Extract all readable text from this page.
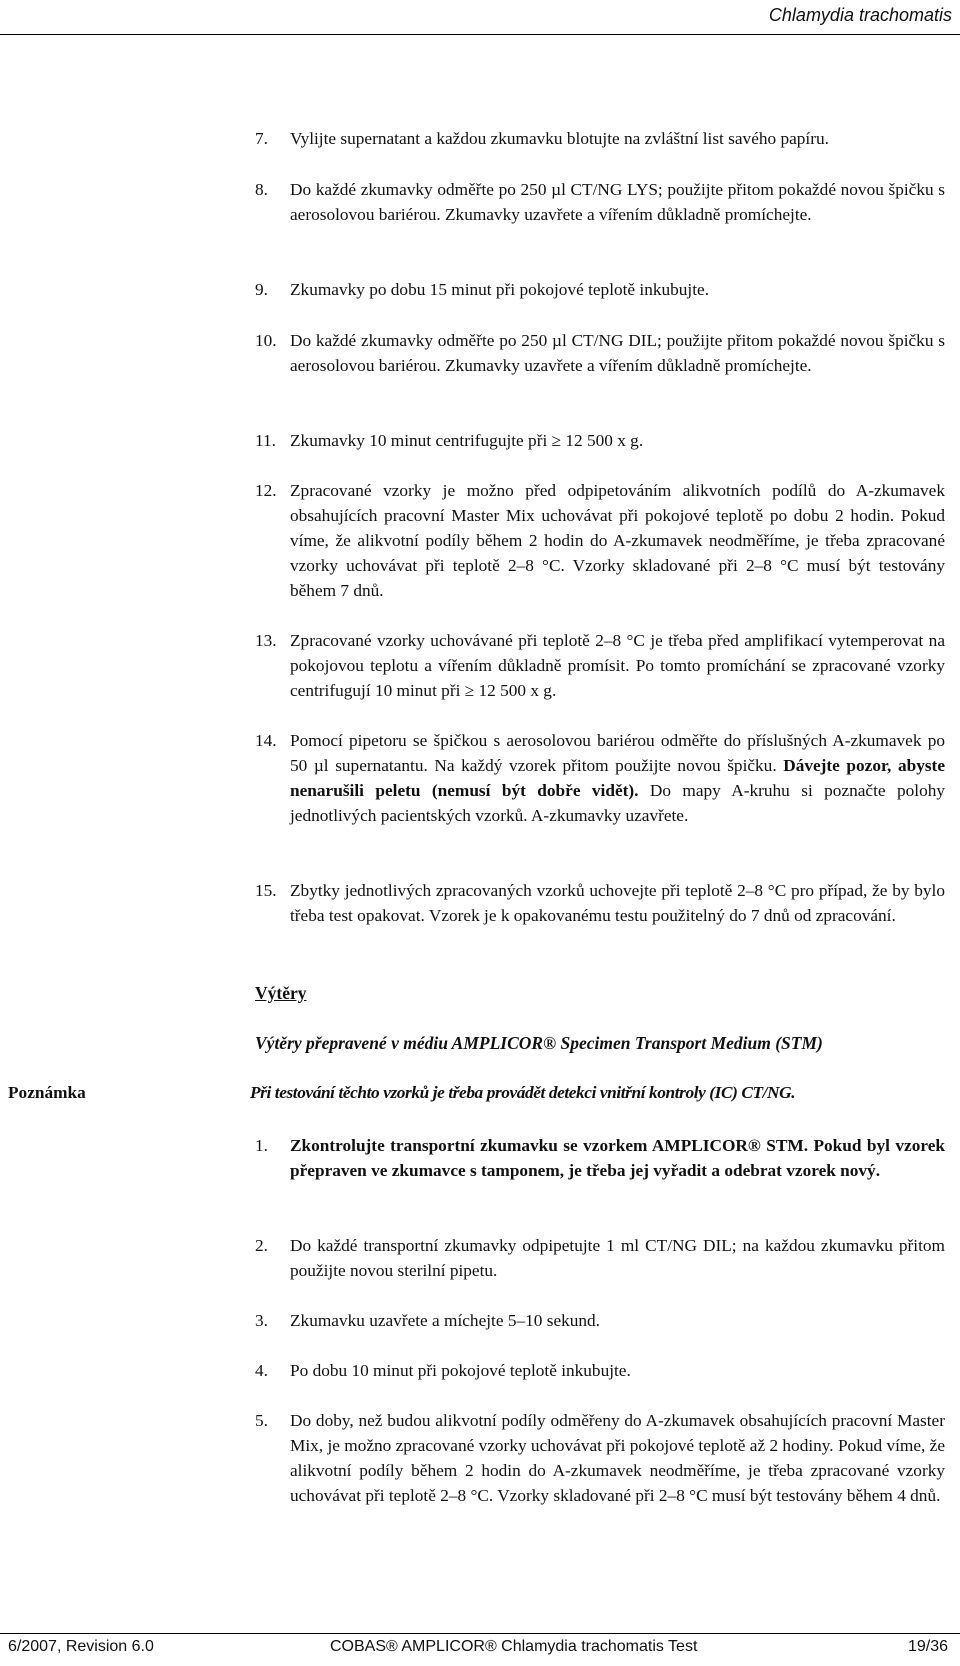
Chlamydia trachomatis
7. Vylijte supernatant a každou zkumavku blotujte na zvláštní list savého papíru.
8. Do každé zkumavky odměřte po 250 µl CT/NG LYS; použijte přitom pokaždé novou špičku s aerosolovou bariérou. Zkumavky uzavřete a vířením důkladně promíchejte.
9. Zkumavky po dobu 15 minut při pokojové teplotě inkubujte.
10. Do každé zkumavky odměřte po 250 µl CT/NG DIL; použijte přitom pokaždé novou špičku s aerosolovou bariérou. Zkumavky uzavřete a vířením důkladně promíchejte.
11. Zkumavky 10 minut centrifugujte při ≥ 12 500 x g.
12. Zpracované vzorky je možno před odpipetováním alikvotních podílů do A-zkumavek obsahujících pracovní Master Mix uchovávat při pokojové teplotě po dobu 2 hodin. Pokud víme, že alikvotní podíly během 2 hodin do A-zkumavek neodměříme, je třeba zpracované vzorky uchovávat při teplotě 2–8 °C. Vzorky skladované při 2–8 °C musí být testovány během 7 dnů.
13. Zpracované vzorky uchovávané při teplotě 2–8 °C je třeba před amplifikací vytemperovat na pokojovou teplotu a vířením důkladně promísit. Po tomto promíchání se zpracované vzorky centrifugují 10 minut při ≥ 12 500 x g.
14. Pomocí pipetoru se špičkou s aerosolovou bariérou odměřte do příslušných A-zkumavek po 50 µl supernatantu. Na každý vzorek přitom použijte novou špičku. Dávejte pozor, abyste nenarušili peletu (nemusí být dobře vidět). Do mapy A-kruhu si poznačte polohy jednotlivých pacientských vzorků. A-zkumavky uzavřete.
15. Zbytky jednotlivých zpracovaných vzorků uchovejte při teplotě 2–8 °C pro případ, že by bylo třeba test opakovat. Vzorek je k opakovanému testu použitelný do 7 dnů od zpracování.
Výtěry
Výtěry přepravené v médiu AMPLICOR® Specimen Transport Medium (STM)
Poznámka	Při testování těchto vzorků je třeba provádět detekci vnitřní kontroly (IC) CT/NG.
1. Zkontrolujte transportní zkumavku se vzorkem AMPLICOR® STM. Pokud byl vzorek přepraven ve zkumavce s tamponem, je třeba jej vyřadit a odebrat vzorek nový.
2. Do každé transportní zkumavky odpipetujte 1 ml CT/NG DIL; na každou zkumavku přitom použijte novou sterilní pipetu.
3. Zkumavku uzavřete a míchejte 5–10 sekund.
4. Po dobu 10 minut při pokojové teplotě inkubujte.
5. Do doby, než budou alikvotní podíly odměřeny do A-zkumavek obsahujících pracovní Master Mix, je možno zpracované vzorky uchovávat při pokojové teplotě až 2 hodiny. Pokud víme, že alikvotní podíly během 2 hodin do A-zkumavek neodměříme, je třeba zpracované vzorky uchovávat při teplotě 2–8 °C. Vzorky skladované při 2–8 °C musí být testovány během 4 dnů.
6/2007, Revision 6.0	COBAS® AMPLICOR® Chlamydia trachomatis Test	19/36
